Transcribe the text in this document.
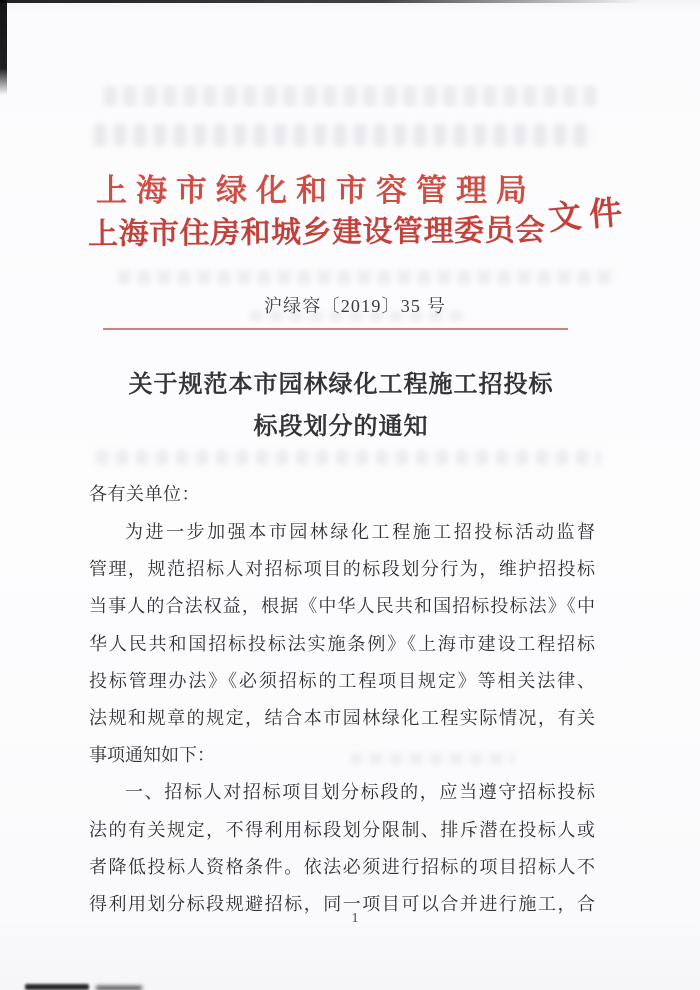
上海市绿化和市容管理局
上海市住房和城乡建设管理委员会 文件
沪绿容〔2019〕35 号
关于规范本市园林绿化工程施工招投标
标段划分的通知
各有关单位：
为进一步加强本市园林绿化工程施工招投标活动监督
管理，规范招标人对招标项目的标段划分行为，维护招投标
当事人的合法权益，根据《中华人民共和国招标投标法》《中
华人民共和国招标投标法实施条例》《上海市建设工程招标
投标管理办法》《必须招标的工程项目规定》等相关法律、
法规和规章的规定，结合本市园林绿化工程实际情况，有关
事项通知如下：
一、招标人对招标项目划分标段的，应当遵守招标投标
法的有关规定，不得利用标段划分限制、排斥潜在投标人或
者降低投标人资格条件。依法必须进行招标的项目招标人不
得利用划分标段规避招标，同一项目可以合并进行施工，合
1
